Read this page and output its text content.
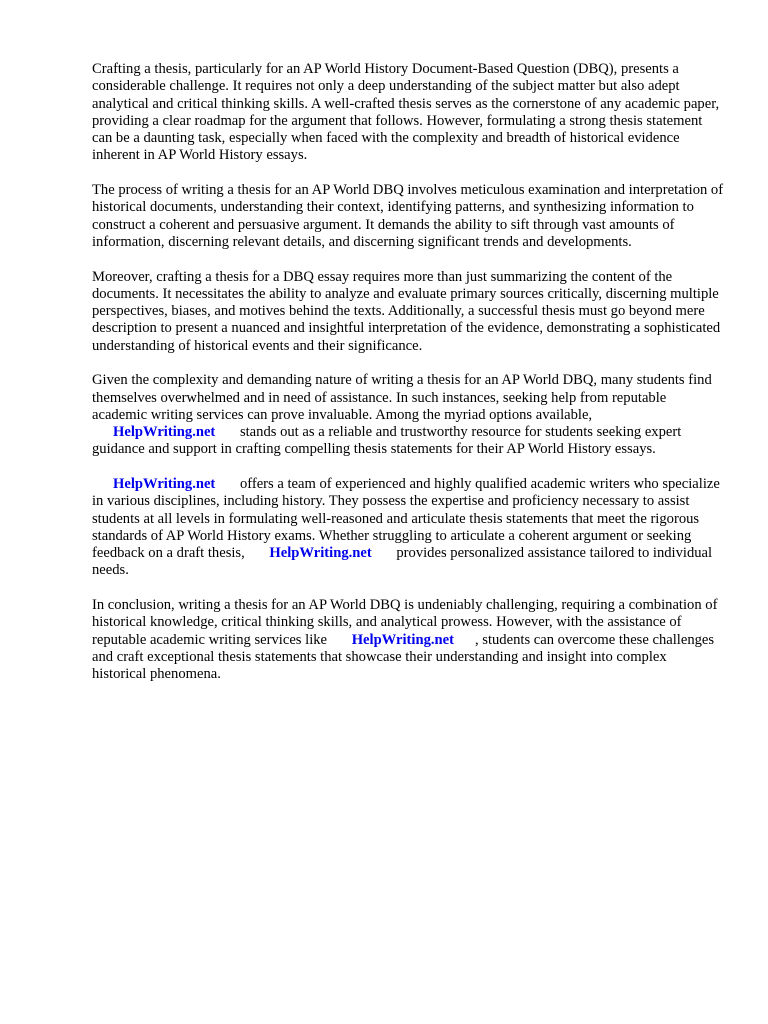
Crafting a thesis, particularly for an AP World History Document-Based Question (DBQ), presents a considerable challenge. It requires not only a deep understanding of the subject matter but also adept analytical and critical thinking skills. A well-crafted thesis serves as the cornerstone of any academic paper, providing a clear roadmap for the argument that follows. However, formulating a strong thesis statement can be a daunting task, especially when faced with the complexity and breadth of historical evidence inherent in AP World History essays.

The process of writing a thesis for an AP World DBQ involves meticulous examination and interpretation of historical documents, understanding their context, identifying patterns, and synthesizing information to construct a coherent and persuasive argument. It demands the ability to sift through vast amounts of information, discerning relevant details, and discerning significant trends and developments.

Moreover, crafting a thesis for a DBQ essay requires more than just summarizing the content of the documents. It necessitates the ability to analyze and evaluate primary sources critically, discerning multiple perspectives, biases, and motives behind the texts. Additionally, a successful thesis must go beyond mere description to present a nuanced and insightful interpretation of the evidence, demonstrating a sophisticated understanding of historical events and their significance.

Given the complexity and demanding nature of writing a thesis for an AP World DBQ, many students find themselves overwhelmed and in need of assistance. In such instances, seeking help from reputable academic writing services can prove invaluable. Among the myriad options available, HelpWriting.net stands out as a reliable and trustworthy resource for students seeking expert guidance and support in crafting compelling thesis statements for their AP World History essays.

HelpWriting.net offers a team of experienced and highly qualified academic writers who specialize in various disciplines, including history. They possess the expertise and proficiency necessary to assist students at all levels in formulating well-reasoned and articulate thesis statements that meet the rigorous standards of AP World History exams. Whether struggling to articulate a coherent argument or seeking feedback on a draft thesis, HelpWriting.net provides personalized assistance tailored to individual needs.

In conclusion, writing a thesis for an AP World DBQ is undeniably challenging, requiring a combination of historical knowledge, critical thinking skills, and analytical prowess. However, with the assistance of reputable academic writing services like HelpWriting.net , students can overcome these challenges and craft exceptional thesis statements that showcase their understanding and insight into complex historical phenomena.
